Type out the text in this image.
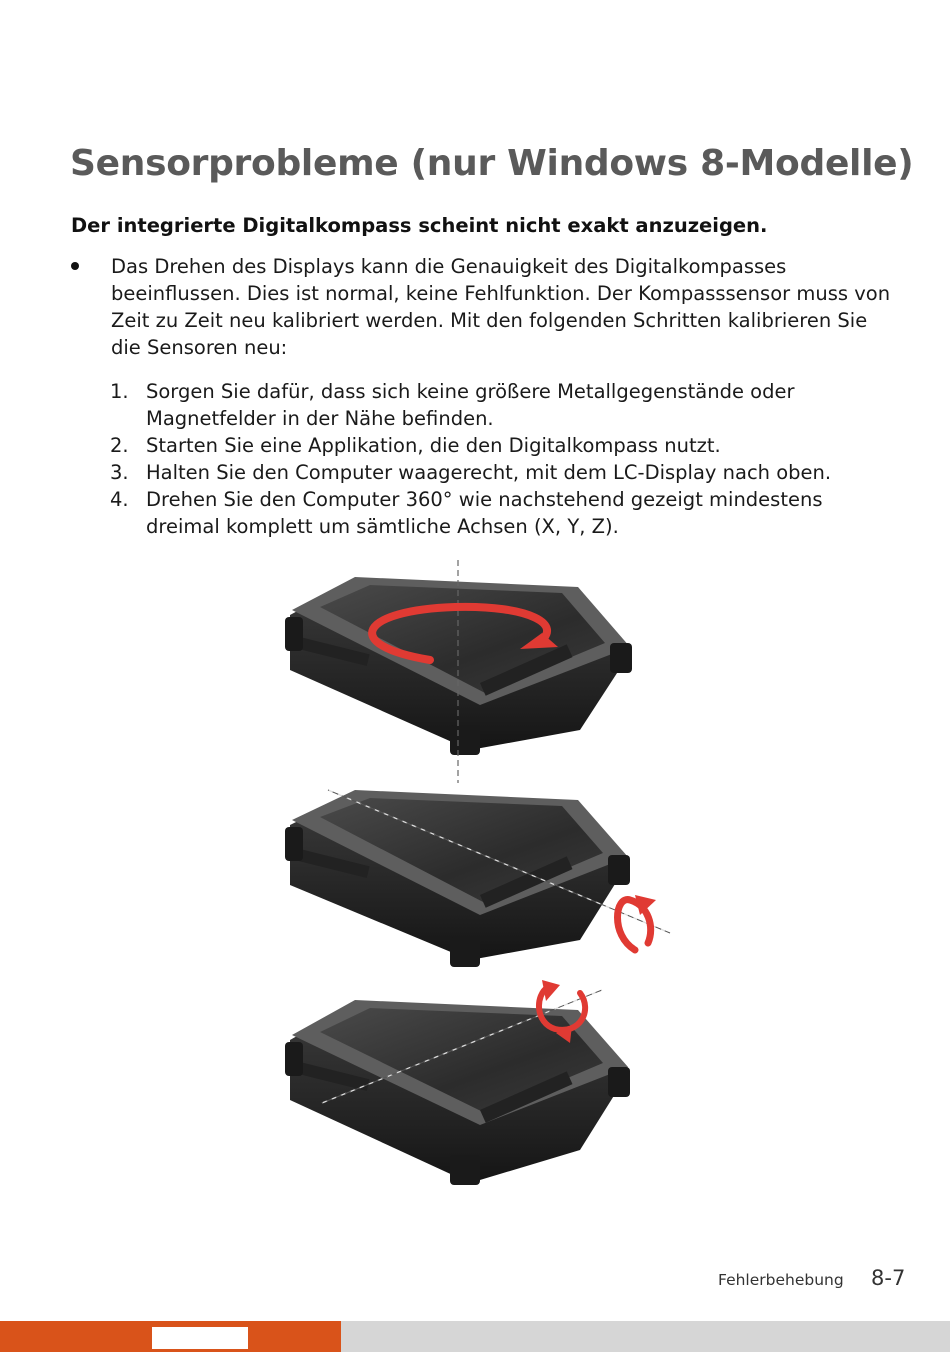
Sensorprobleme (nur Windows 8-Modelle)
Der integrierte Digitalkompass scheint nicht exakt anzuzeigen.
Das Drehen des Displays kann die Genauigkeit des Digitalkompasses beeinflussen. Dies ist normal, keine Fehlfunktion. Der Kompasssensor muss von Zeit zu Zeit neu kalibriert werden. Mit den folgenden Schritten kalibrieren Sie die Sensoren neu:
1. Sorgen Sie dafür, dass sich keine größere Metallgegenstände oder Magnetfelder in der Nähe befinden.
2. Starten Sie eine Applikation, die den Digitalkompass nutzt.
3. Halten Sie den Computer waagerecht, mit dem LC-Display nach oben.
4. Drehen Sie den Computer 360° wie nachstehend gezeigt mindestens dreimal komplett um sämtliche Achsen (X, Y, Z).
Fehlerbehebung 8-7
